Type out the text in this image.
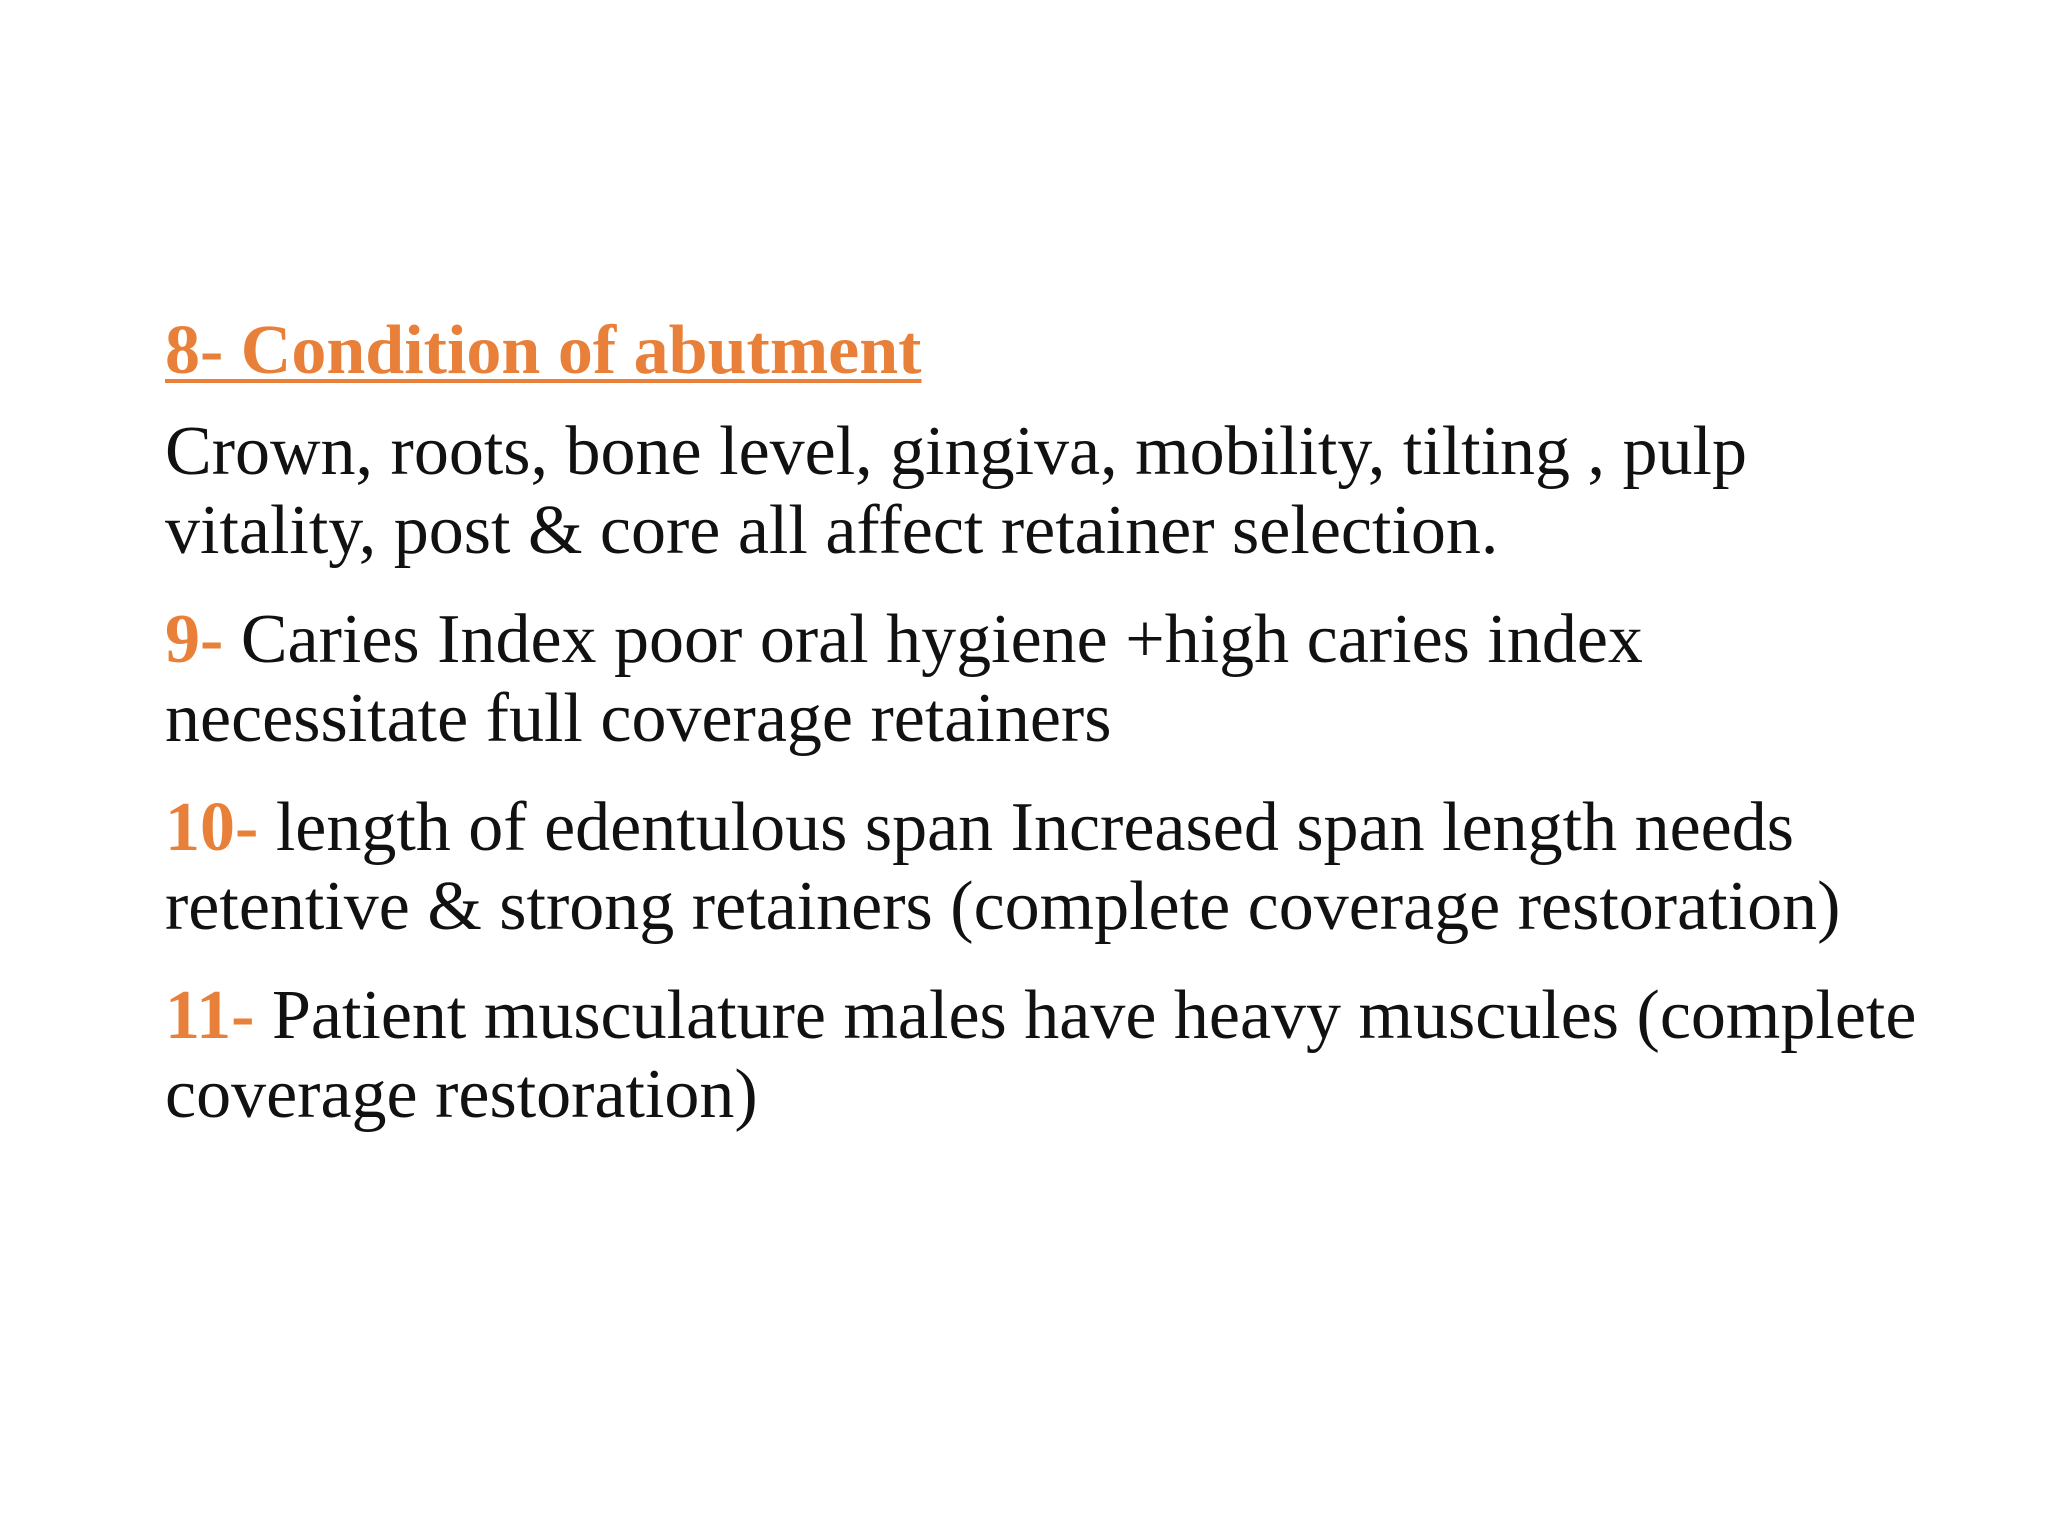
8- Condition of abutment

Crown, roots, bone level, gingiva, mobility, tilting , pulp vitality, post & core all affect retainer selection.

9- Caries Index poor oral hygiene +high caries index necessitate full coverage retainers

10- length of edentulous span Increased span length needs retentive & strong retainers (complete coverage restoration)

11- Patient musculature males have heavy muscules (complete coverage restoration)
